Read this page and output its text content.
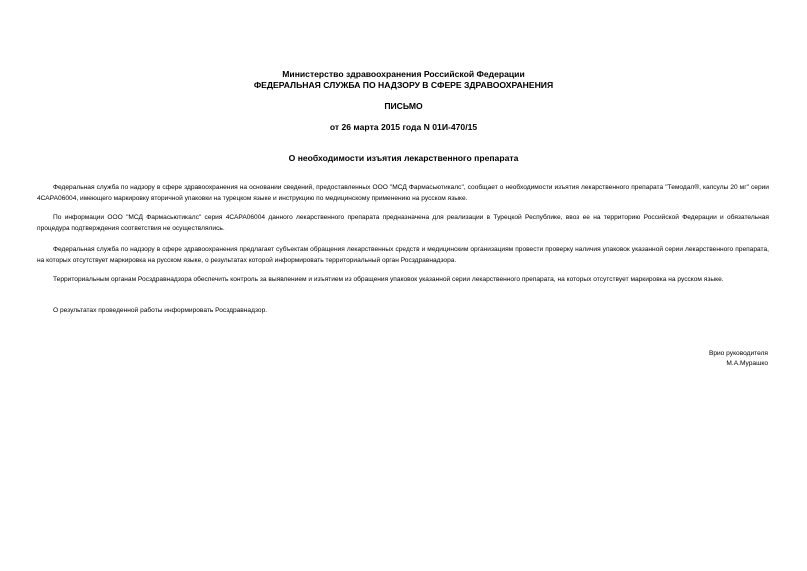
Министерство здравоохранения Российской Федерации
ФЕДЕРАЛЬНАЯ СЛУЖБА ПО НАДЗОРУ В СФЕРЕ ЗДРАВООХРАНЕНИЯ
ПИСЬМО
от 26 марта 2015 года N 01И-470/15
О необходимости изъятия лекарственного препарата

Федеральная служба по надзору в сфере здравоохранения на основании сведений, предоставленных ООО "МСД Фармасьютикалс", сообщает о необходимости изъятия лекарственного препарата "Темодал®, капсулы 20 мг" серии 4САРА06004, имеющего маркировку вторичной упаковки на турецком языке и инструкцию по медицинскому применению на русском языке.

По информации ООО "МСД Фармасьютикалс" серия 4САРА06004 данного лекарственного препарата предназначена для реализации в Турецкой Республике, ввоз ее на территорию Российской Федерации и обязательная процедура подтверждения соответствия не осуществлялись.

Федеральная служба по надзору в сфере здравоохранения предлагает субъектам обращения лекарственных средств и медицинским организациям провести проверку наличия упаковок указанной серии лекарственного препарата, на которых отсутствует маркировка на русском языке, о результатах которой информировать территориальный орган Росздравнадзора.

Территориальным органам Росздравнадзора обеспечить контроль за выявлением и изъятием из обращения упаковок указанной серии лекарственного препарата, на которых отсутствует маркировка на русском языке.

О результатах проведенной работы информировать Росздравнадзор.

Врио руководителя
М.А.Мурашко
